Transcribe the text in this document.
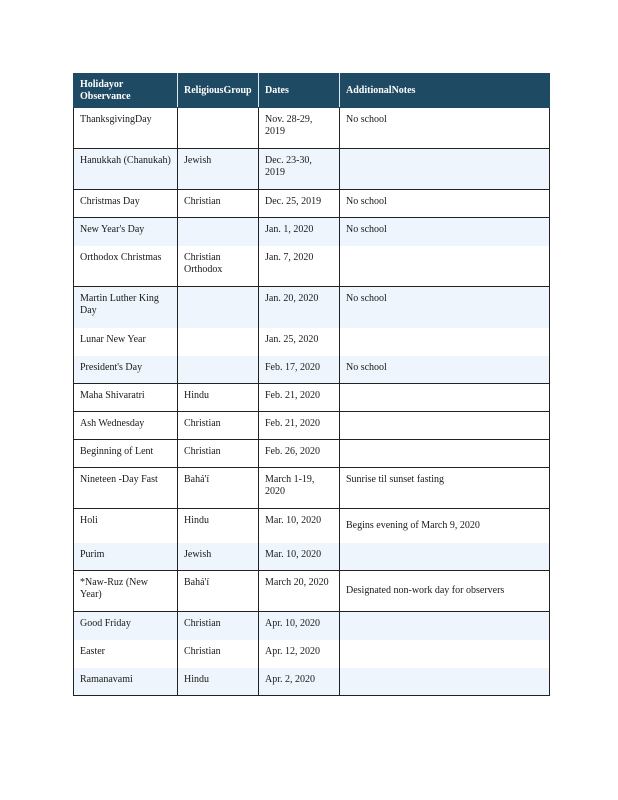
Holidayor Observance	ReligiousGroup	Dates	AdditionalNotes
ThanksgivingDay		Nov. 28-29, 2019	No school
Hanukkah (Chanukah)	Jewish	Dec. 23-30, 2019	
Christmas Day	Christian	Dec. 25, 2019	No school
New Year's Day		Jan. 1, 2020	No school
Orthodox Christmas	Christian Orthodox	Jan. 7, 2020	
Martin Luther King Day		Jan. 20, 2020	No school
Lunar New Year		Jan. 25, 2020	
President's Day		Feb. 17, 2020	No school
Maha Shivaratri	Hindu	Feb. 21, 2020	
Ash Wednesday	Christian	Feb. 21, 2020	
Beginning of Lent	Christian	Feb. 26, 2020	
Nineteen -Day Fast	Bahá'í	March 1-19, 2020	Sunrise til sunset fasting
Holi	Hindu	Mar. 10, 2020	Begins evening of March 9, 2020
Purim	Jewish	Mar. 10, 2020	
*Naw-Ruz (New Year)	Bahá'í	March 20, 2020	Designated non-work day for observers
Good Friday	Christian	Apr. 10, 2020	
Easter	Christian	Apr. 12, 2020	
Ramanavami	Hindu	Apr. 2, 2020	
